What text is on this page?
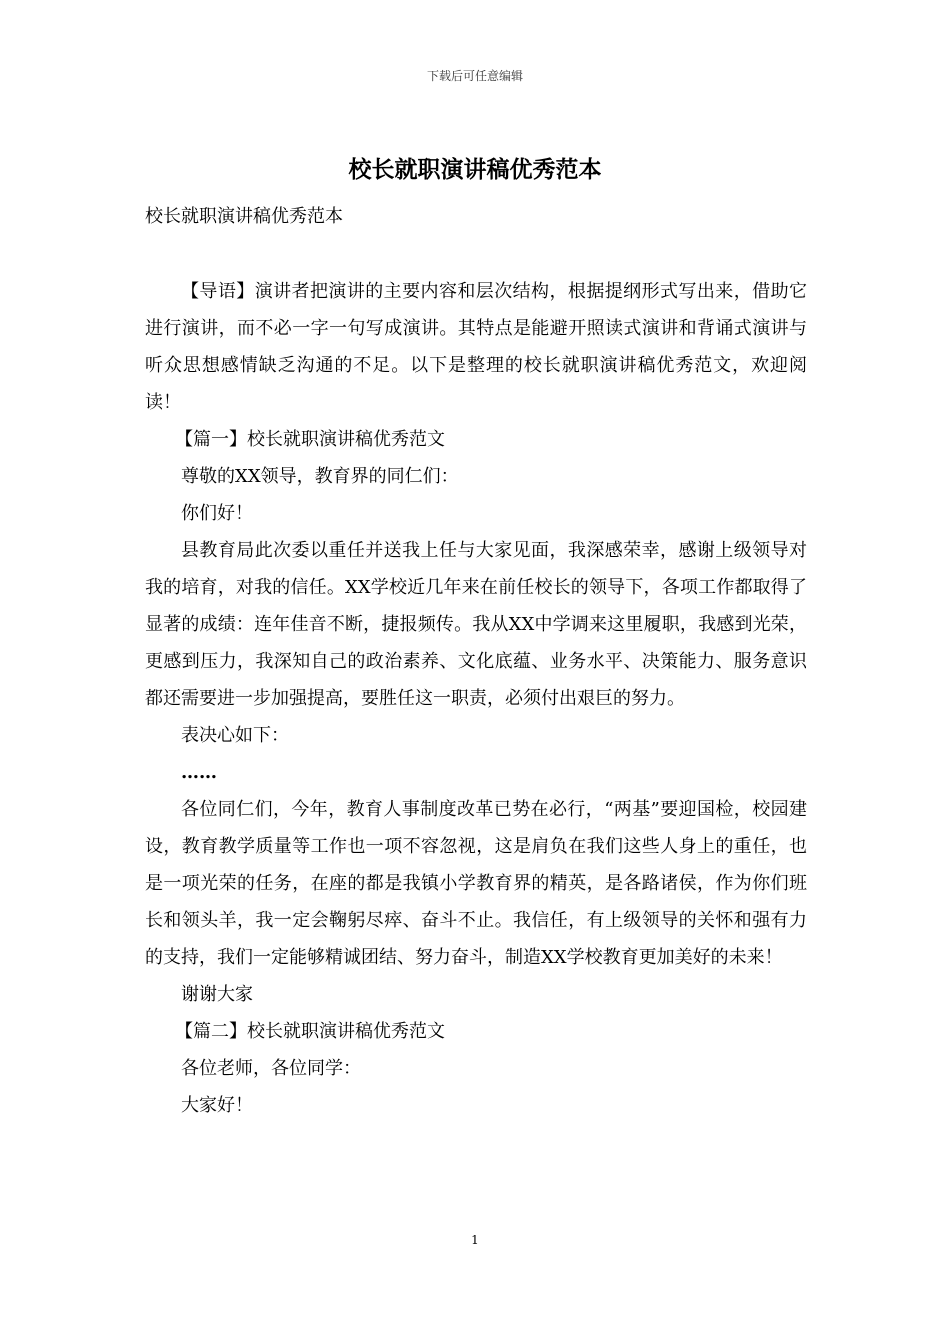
下载后可任意编辑
校长就职演讲稿优秀范本

校长就职演讲稿优秀范本

【导语】演讲者把演讲的主要内容和层次结构，根据提纲形式写出来，借助它进行演讲，而不必一字一句写成演讲。其特点是能避开照读式演讲和背诵式演讲与听众思想感情缺乏沟通的不足。以下是整理的校长就职演讲稿优秀范文，欢迎阅读！

【篇一】校长就职演讲稿优秀范文

尊敬的XX领导，教育界的同仁们：

你们好！

县教育局此次委以重任并送我上任与大家见面，我深感荣幸，感谢上级领导对我的培育，对我的信任。XX学校近几年来在前任校长的领导下，各项工作都取得了显著的成绩：连年佳音不断，捷报频传。我从XX中学调来这里履职，我感到光荣，更感到压力，我深知自己的政治素养、文化底蕴、业务水平、决策能力、服务意识都还需要进一步加强提高，要胜任这一职责，必须付出艰巨的努力。

表决心如下：

……

各位同仁们，今年，教育人事制度改革已势在必行，“两基”要迎国检，校园建设，教育教学质量等工作也一项不容忽视，这是肩负在我们这些人身上的重任，也是一项光荣的任务，在座的都是我镇小学教育界的精英，是各路诸侯，作为你们班长和领头羊，我一定会鞠躬尽瘁、奋斗不止。我信任，有上级领导的关怀和强有力的支持，我们一定能够精诚团结、努力奋斗，制造XX学校教育更加美好的未来！

谢谢大家

【篇二】校长就职演讲稿优秀范文

各位老师，各位同学：

大家好！

1
